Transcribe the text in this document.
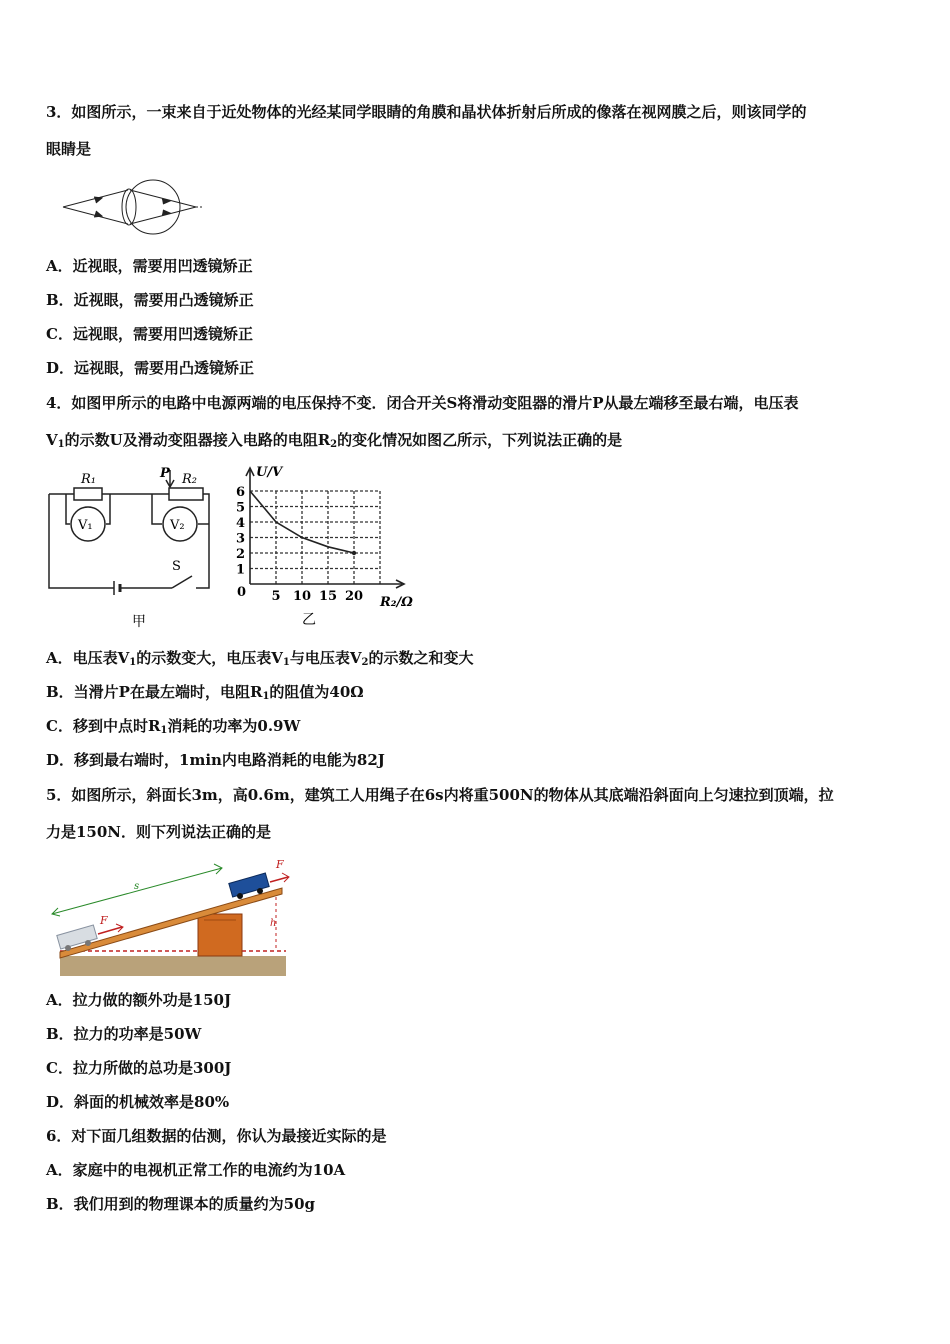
3．如图所示，一束来自于近处物体的光经某同学眼睛的角膜和晶状体折射后所成的像落在视网膜之后，则该同学的
眼睛是
A．近视眼，需要用凹透镜矫正
B．近视眼，需要用凸透镜矫正
C．远视眼，需要用凹透镜矫正
D．远视眼，需要用凸透镜矫正
4．如图甲所示的电路中电源两端的电压保持不变．闭合开关S将滑动变阻器的滑片P从最左端移至最右端，电压表
$V_1$的示数U及滑动变阻器接入电路的电阻$R_2$的变化情况如图乙所示，下列说法正确的是
R₁	R₂
P
V₁	V₂
S
甲
5 10 15 20
1
2
3
4
5
6
U/V
R₂/Ω
0
乙
A．电压表$V_1$的示数变大，电压表$V_1$与电压表$V_2$的示数之和变大
B．当滑片P在最左端时，电阻$R_1$的阻值为40Ω
C．移到中点时$R_1$消耗的功率为0.9W
D．移到最右端时，1min内电路消耗的电能为82J
5．如图所示，斜面长3m，高0.6m，建筑工人用绳子在6s内将重500N的物体从其底端沿斜面向上匀速拉到顶端，拉
力是150N．则下列说法正确的是
F
F
s
h
A．拉力做的额外功是150J
B．拉力的功率是50W
C．拉力所做的总功是300J
D．斜面的机械效率是80%
6．对下面几组数据的估测，你认为最接近实际的是
A．家庭中的电视机正常工作的电流约为10A
B．我们用到的物理课本的质量约为50g
